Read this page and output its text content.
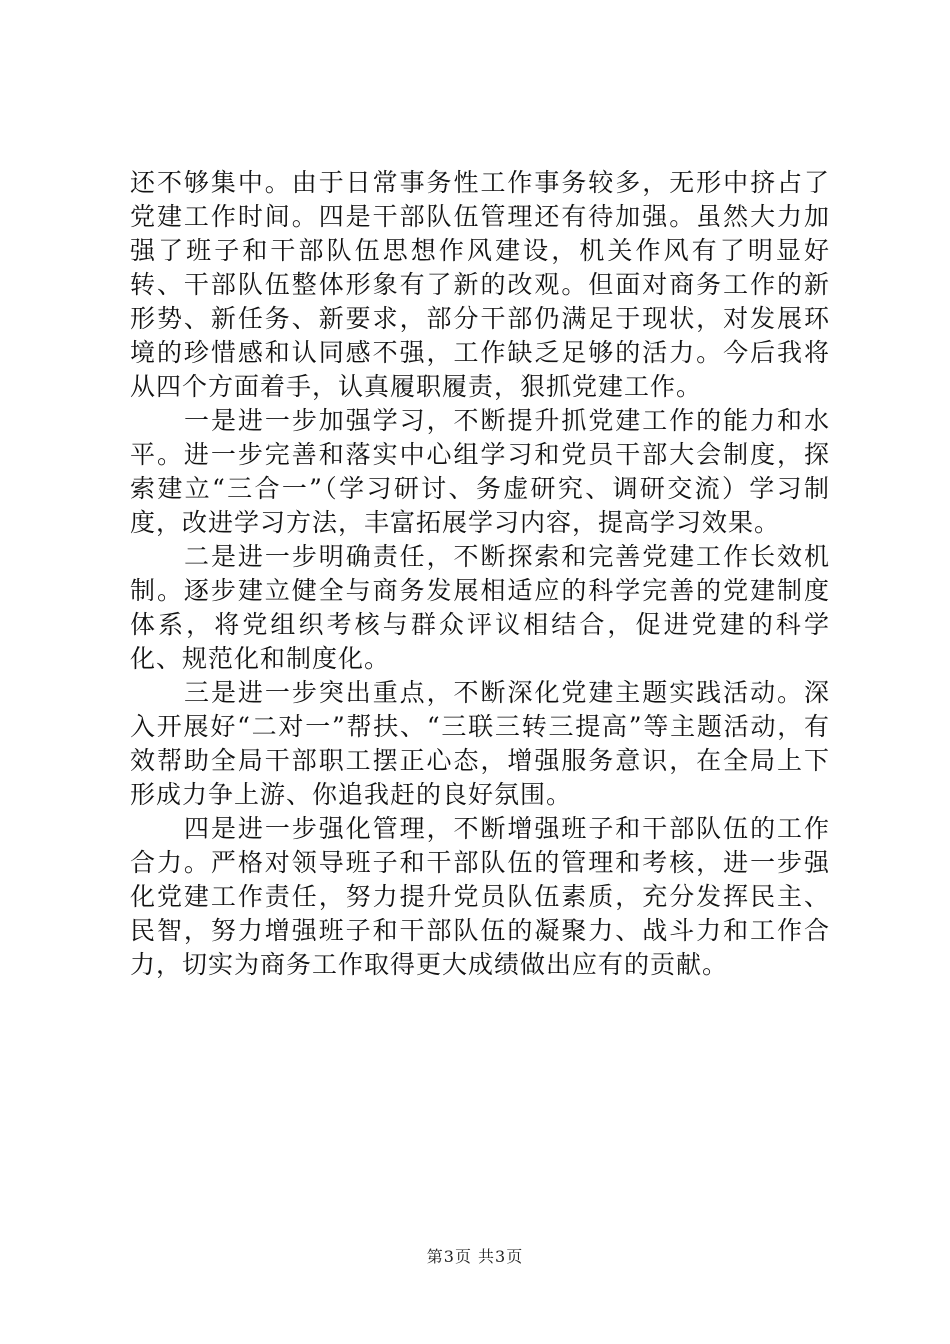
还不够集中。由于日常事务性工作事务较多，无形中挤占了党建工作时间。四是干部队伍管理还有待加强。虽然大力加强了班子和干部队伍思想作风建设，机关作风有了明显好转、干部队伍整体形象有了新的改观。但面对商务工作的新形势、新任务、新要求，部分干部仍满足于现状，对发展环境的珍惜感和认同感不强，工作缺乏足够的活力。今后我将从四个方面着手，认真履职履责，狠抓党建工作。

一是进一步加强学习，不断提升抓党建工作的能力和水平。进一步完善和落实中心组学习和党员干部大会制度，探索建立“三合一”（学习研讨、务虚研究、调研交流）学习制度，改进学习方法，丰富拓展学习内容，提高学习效果。

二是进一步明确责任，不断探索和完善党建工作长效机制。逐步建立健全与商务发展相适应的科学完善的党建制度体系，将党组织考核与群众评议相结合，促进党建的科学化、规范化和制度化。

三是进一步突出重点，不断深化党建主题实践活动。深入开展好“二对一”帮扶、“三联三转三提高”等主题活动，有效帮助全局干部职工摆正心态，增强服务意识，在全局上下形成力争上游、你追我赶的良好氛围。

四是进一步强化管理，不断增强班子和干部队伍的工作合力。严格对领导班子和干部队伍的管理和考核，进一步强化党建工作责任，努力提升党员队伍素质，充分发挥民主、民智，努力增强班子和干部队伍的凝聚力、战斗力和工作合力，切实为商务工作取得更大成绩做出应有的贡献。

第3页 共3页
